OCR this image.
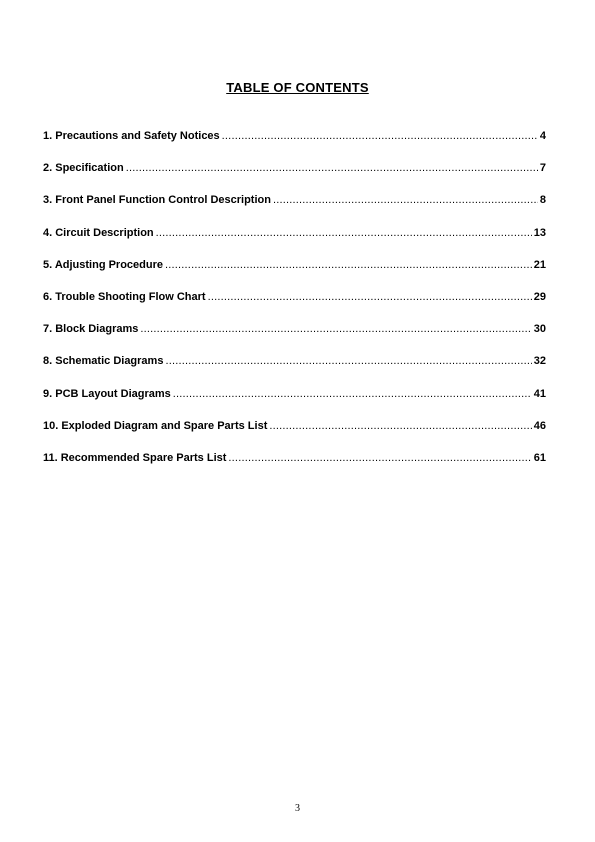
TABLE OF CONTENTS
1. Precautions and Safety Notices .....	4
2. Specification .....	7
3. Front Panel Function Control Description .....	8
4. Circuit Description .....	13
5. Adjusting Procedure .....	21
6. Trouble Shooting Flow Chart .....	29
7. Block Diagrams .....	30
8. Schematic Diagrams .....	32
9. PCB Layout Diagrams .....	41
10. Exploded Diagram and Spare Parts List .....	46
11. Recommended Spare Parts List .....	61
3
